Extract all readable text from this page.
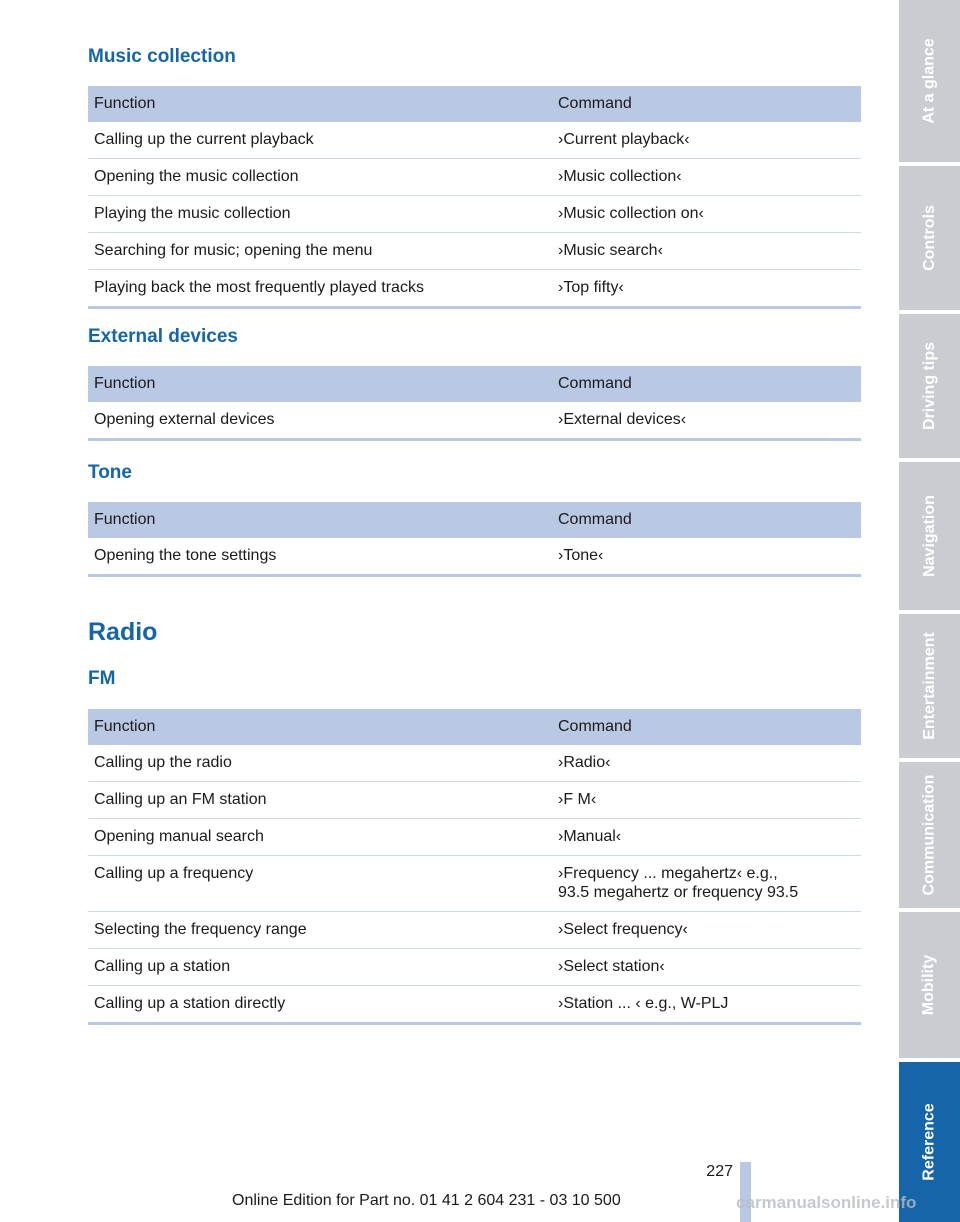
Music collection
Function	Command
Calling up the current playback	›Current playback‹
Opening the music collection	›Music collection‹
Playing the music collection	›Music collection on‹
Searching for music; opening the menu	›Music search‹
Playing back the most frequently played tracks	›Top fifty‹
External devices
Function	Command
Opening external devices	›External devices‹
Tone
Function	Command
Opening the tone settings	›Tone‹
Radio
FM
Function	Command
Calling up the radio	›Radio‹
Calling up an FM station	›F M‹
Opening manual search	›Manual‹
Calling up a frequency	›Frequency ... megahertz‹ e.g.,
93.5 megahertz or frequency 93.5

Selecting the frequency range	›Select frequency‹
Calling up a station	›Select station‹
Calling up a station directly	›Station ... ‹ e.g., W-PLJ
At a glance
Controls
Driving tips
Navigation
Entertainment
Communication
Mobility
Reference
227
Online Edition for Part no. 01 41 2 604 231 - 03 10 500	carmanualsonline.info
